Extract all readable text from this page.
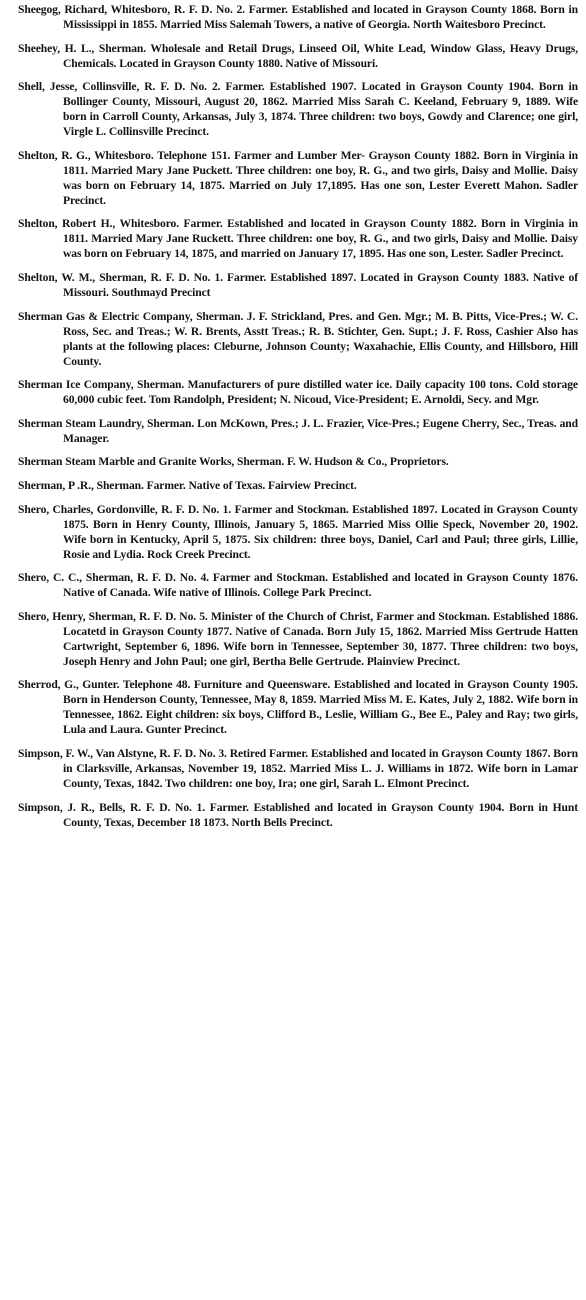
Sheegog, Richard, Whitesboro, R. F. D. No. 2. Farmer. Established and located in Grayson County 1868. Born in Mississippi in 1855. Married Miss Salemah Towers, a native of Georgia. North Waitesboro Precinct.

Sheehey, H. L., Sherman. Wholesale and Retail Drugs, Linseed Oil, White Lead, Window Glass, Heavy Drugs, Chemicals. Located in Grayson County 1880. Native of Missouri.

Shell, Jesse, Collinsville, R. F. D. No. 2. Farmer. Established 1907. Located in Grayson County 1904. Born in Bollinger County, Missouri, August 20, 1862. Married Miss Sarah C. Keeland, February 9, 1889. Wife born in Carroll County, Arkansas, July 3, 1874. Three children: two boys, Gowdy and Clarence; one girl, Virgle L. Collinsville Precinct.

Shelton, R. G., Whitesboro. Telephone 151. Farmer and Lumber Mer- Grayson County 1882. Born in Virginia in 1811. Married Mary Jane Puckett. Three children: one boy, R. G., and two girls, Daisy and Mollie. Daisy was born on February 14, 1875. Married on July 17,1895. Has one son, Lester Everett Mahon. Sadler Precinct.

Shelton, Robert H., Whitesboro. Farmer. Established and located in Grayson County 1882. Born in Virginia in 1811. Married Mary Jane Ruckett. Three children: one boy, R. G., and two girls, Daisy and Mollie. Daisy was born on February 14, 1875, and married on January 17, 1895. Has one son, Lester. Sadler Precinct.

Shelton, W. M., Sherman, R. F. D. No. 1. Farmer. Established 1897. Located in Grayson County 1883. Native of Missouri. Southmayd Precinct

Sherman Gas & Electric Company, Sherman. J. F. Strickland, Pres. and Gen. Mgr.; M. B. Pitts, Vice-Pres.; W. C. Ross, Sec. and Treas.; W. R. Brents, Asstt Treas.; R. B. Stichter, Gen. Supt.; J. F. Ross, Cashier Also has plants at the following places: Cleburne, Johnson County; Waxahachie, Ellis County, and Hillsboro, Hill County.

Sherman Ice Company, Sherman. Manufacturers of pure distilled water ice. Daily capacity 100 tons. Cold storage 60,000 cubic feet. Tom Randolph, President; N. Nicoud, Vice-President; E. Arnoldi, Secy. and Mgr.

Sherman Steam Laundry, Sherman. Lon McKown, Pres.; J. L. Frazier, Vice-Pres.; Eugene Cherry, Sec., Treas. and Manager.

Sherman Steam Marble and Granite Works, Sherman. F. W. Hudson & Co., Proprietors.

Sherman, P .R., Sherman. Farmer. Native of Texas. Fairview Precinct.

Shero, Charles, Gordonville, R. F. D. No. 1. Farmer and Stockman. Established 1897. Located in Grayson County 1875. Born in Henry County, Illinois, January 5, 1865. Married Miss Ollie Speck, November 20, 1902. Wife born in Kentucky, April 5, 1875. Six children: three boys, Daniel, Carl and Paul; three girls, Lillie, Rosie and Lydia. Rock Creek Precinct.

Shero, C. C., Sherman, R. F. D. No. 4. Farmer and Stockman. Established and located in Grayson County 1876. Native of Canada. Wife native of Illinois. College Park Precinct.

Shero, Henry, Sherman, R. F. D. No. 5. Minister of the Church of Christ, Farmer and Stockman. Established 1886. Locatetd in Grayson County 1877. Native of Canada. Born July 15, 1862. Married Miss Gertrude Hatten Cartwright, September 6, 1896. Wife born in Tennessee, September 30, 1877. Three children: two boys, Joseph Henry and John Paul; one girl, Bertha Belle Gertrude. Plainview Precinct.

Sherrod, G., Gunter. Telephone 48. Furniture and Queensware. Established and located in Grayson County 1905. Born in Henderson County, Tennessee, May 8, 1859. Married Miss M. E. Kates, July 2, 1882. Wife born in Tennessee, 1862. Eight children: six boys, Clifford B., Leslie, William G., Bee E., Paley and Ray; two girls, Lula and Laura. Gunter Precinct.

Simpson, F. W., Van Alstyne, R. F. D. No. 3. Retired Farmer. Established and located in Grayson County 1867. Born in Clarksville, Arkansas, November 19, 1852. Married Miss L. J. Williams in 1872. Wife born in Lamar County, Texas, 1842. Two children: one boy, Ira; one girl, Sarah L. Elmont Precinct.

Simpson, J. R., Bells, R. F. D. No. 1. Farmer. Established and located in Grayson County 1904. Born in Hunt County, Texas, December 18 1873. North Bells Precinct.
